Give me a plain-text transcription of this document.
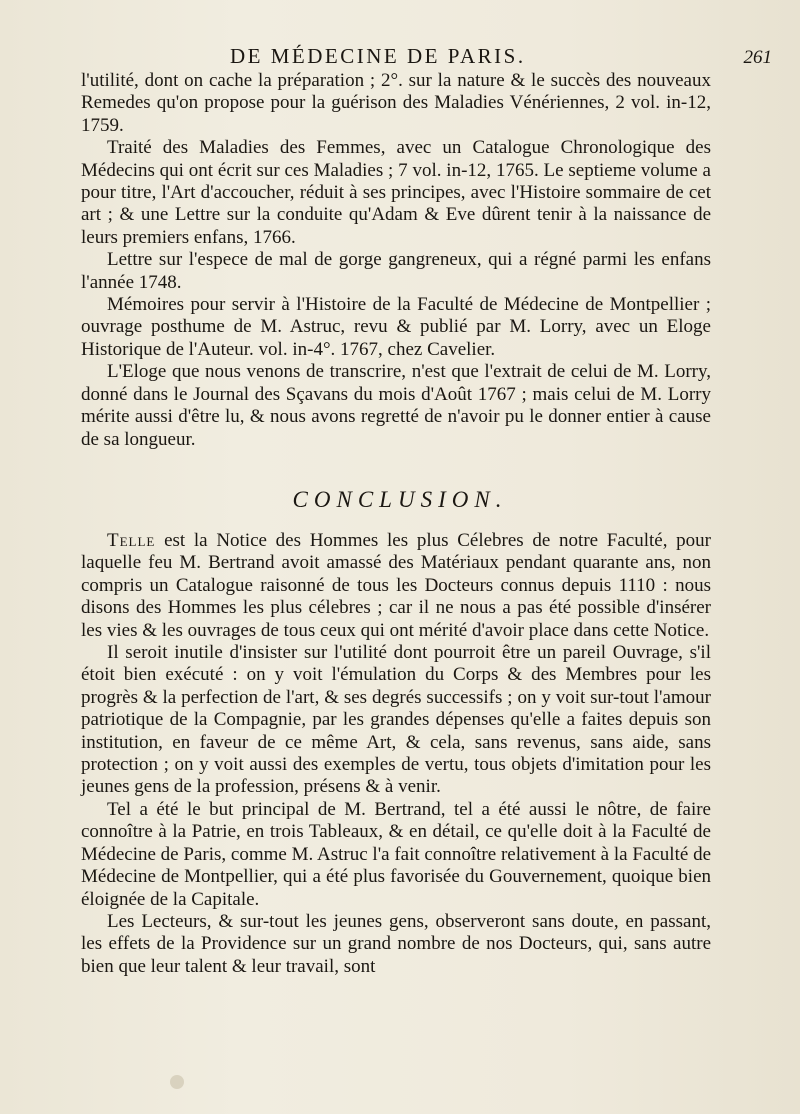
DE MÉDECINE DE PARIS.	261

l'utilité, dont on cache la préparation ; 2°. sur la nature & le succès des nouveaux Remedes qu'on propose pour la guérison des Maladies Vénériennes, 2 vol. in-12, 1759.

Traité des Maladies des Femmes, avec un Catalogue Chronologique des Médecins qui ont écrit sur ces Maladies ; 7 vol. in-12, 1765. Le septieme volume a pour titre, l'Art d'accoucher, réduit à ses principes, avec l'Histoire sommaire de cet art ; & une Lettre sur la conduite qu'Adam & Eve dûrent tenir à la naissance de leurs premiers enfans, 1766.

Lettre sur l'espece de mal de gorge gangreneux, qui a régné parmi les enfans l'année 1748.

Mémoires pour servir à l'Histoire de la Faculté de Médecine de Montpellier ; ouvrage posthume de M. Astruc, revu & publié par M. Lorry, avec un Eloge Historique de l'Auteur. vol. in-4°. 1767, chez Cavelier.

L'Eloge que nous venons de transcrire, n'est que l'extrait de celui de M. Lorry, donné dans le Journal des Sçavans du mois d'Août 1767 ; mais celui de M. Lorry mérite aussi d'être lu, & nous avons regretté de n'avoir pu le donner entier à cause de sa longueur.

CONCLUSION.

Telle est la Notice des Hommes les plus Célebres de notre Faculté, pour laquelle feu M. Bertrand avoit amassé des Matériaux pendant quarante ans, non compris un Catalogue raisonné de tous les Docteurs connus depuis 1110 : nous disons des Hommes les plus célebres ; car il ne nous a pas été possible d'insérer les vies & les ouvrages de tous ceux qui ont mérité d'avoir place dans cette Notice.

Il seroit inutile d'insister sur l'utilité dont pourroit être un pareil Ouvrage, s'il étoit bien exécuté : on y voit l'émulation du Corps & des Membres pour les progrès & la perfection de l'art, & ses degrés successifs ; on y voit sur-tout l'amour patriotique de la Compagnie, par les grandes dépenses qu'elle a faites depuis son institution, en faveur de ce même Art, & cela, sans revenus, sans aide, sans protection ; on y voit aussi des exemples de vertu, tous objets d'imitation pour les jeunes gens de la profession, présens & à venir.

Tel a été le but principal de M. Bertrand, tel a été aussi le nôtre, de faire connoître à la Patrie, en trois Tableaux, & en détail, ce qu'elle doit à la Faculté de Médecine de Paris, comme M. Astruc l'a fait connoître relativement à la Faculté de Médecine de Montpellier, qui a été plus favorisée du Gouvernement, quoique bien éloignée de la Capitale.

Les Lecteurs, & sur-tout les jeunes gens, observeront sans doute, en passant, les effets de la Providence sur un grand nombre de nos Docteurs, qui, sans autre bien que leur talent & leur travail, sont
